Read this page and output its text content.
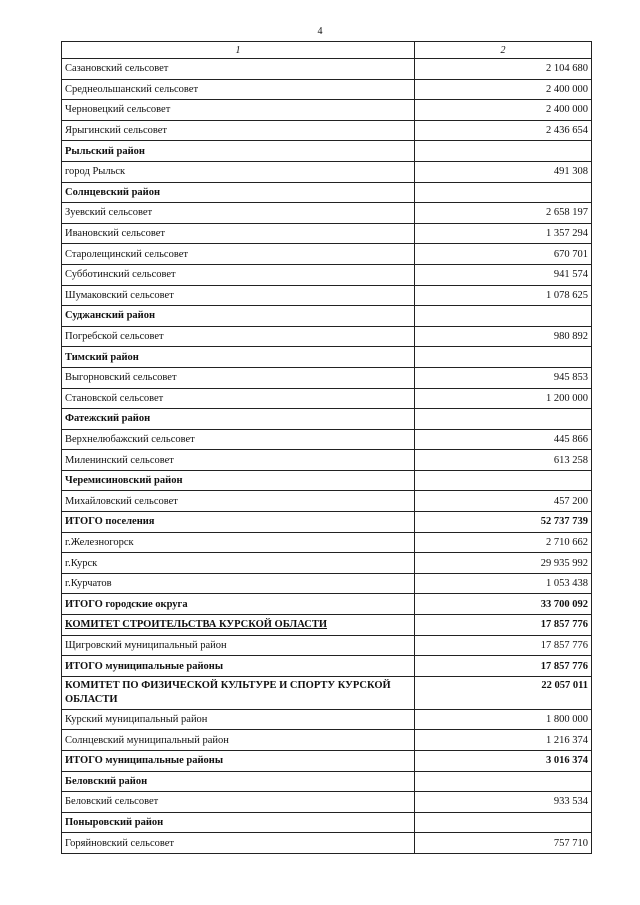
4
1	2
Сазановский сельсовет	2 104 680
Среднеольшанский сельсовет	2 400 000
Черновецкий сельсовет	2 400 000
Ярыгинский сельсовет	2 436 654
Рыльский район	
город Рыльск	491 308
Солнцевский район	
Зуевский сельсовет	2 658 197
Ивановский сельсовет	1 357 294
Старолещинский сельсовет	670 701
Субботинский сельсовет	941 574
Шумаковский сельсовет	1 078 625
Суджанский район	
Погребской сельсовет	980 892
Тимский район	
Выгорновский сельсовет	945 853
Становской сельсовет	1 200 000
Фатежский район	
Верхнелюбажский сельсовет	445 866
Миленинский сельсовет	613 258
Черемисиновский район	
Михайловский сельсовет	457 200
ИТОГО поселения	52 737 739
г.Железногорск	2 710 662
г.Курск	29 935 992
г.Курчатов	1 053 438
ИТОГО городские округа	33 700 092
КОМИТЕТ СТРОИТЕЛЬСТВА КУРСКОЙ ОБЛАСТИ	17 857 776
Щигровский муниципальный район	17 857 776
ИТОГО муниципальные районы	17 857 776
КОМИТЕТ ПО ФИЗИЧЕСКОЙ КУЛЬТУРЕ И СПОРТУ КУРСКОЙ ОБЛАСТИ	22 057 011
Курский муниципальный район	1 800 000
Солнцевский муниципальный район	1 216 374
ИТОГО муниципальные районы	3 016 374
Беловский район	
Беловский сельсовет	933 534
Поныровский район	
Горяйновский сельсовет	757 710
